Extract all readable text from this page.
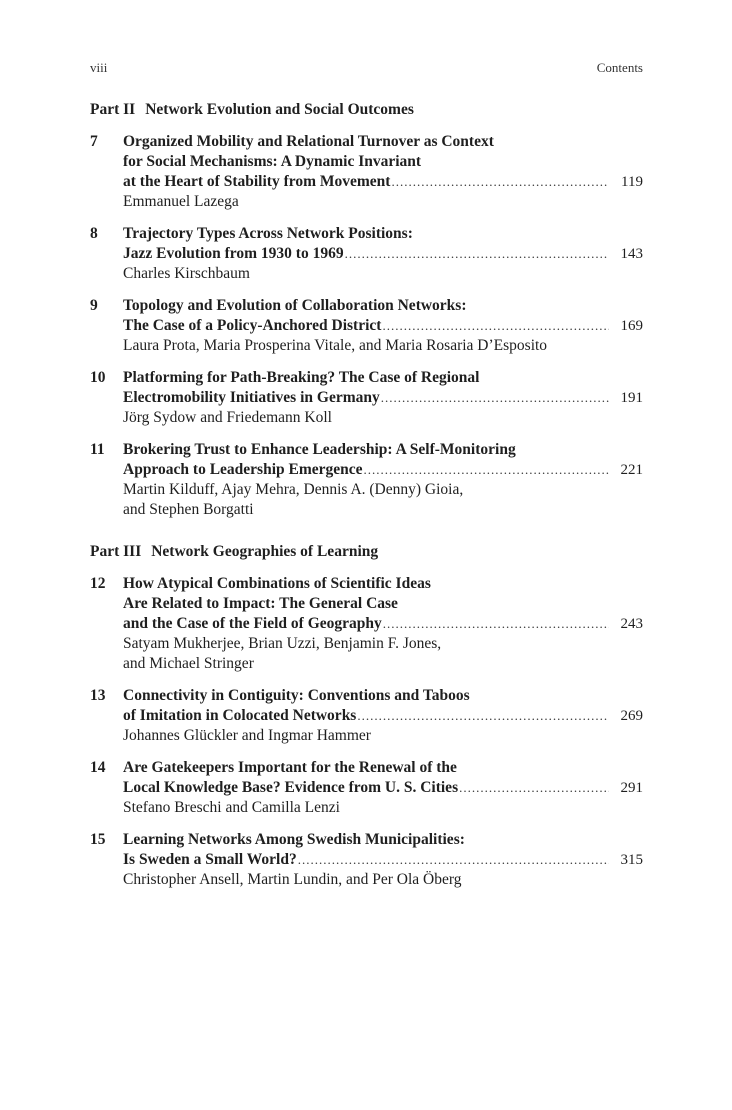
viii	Contents
Part II Network Evolution and Social Outcomes
7	Organized Mobility and Relational Turnover as Context
for Social Mechanisms: A Dynamic Invariant
at the Heart of Stability from Movement .....	119
Emmanuel Lazega
8	Trajectory Types Across Network Positions:
Jazz Evolution from 1930 to 1969 .....	143
Charles Kirschbaum
9	Topology and Evolution of Collaboration Networks:
The Case of a Policy-Anchored District .....	169
Laura Prota, Maria Prosperina Vitale, and Maria Rosaria D’Esposito
10	Platforming for Path-Breaking? The Case of Regional
Electromobility Initiatives in Germany .....	191
Jörg Sydow and Friedemann Koll
11	Brokering Trust to Enhance Leadership: A Self-Monitoring
Approach to Leadership Emergence .....	221
Martin Kilduff, Ajay Mehra, Dennis A. (Denny) Gioia,
and Stephen Borgatti
Part III Network Geographies of Learning
12	How Atypical Combinations of Scientific Ideas
Are Related to Impact: The General Case
and the Case of the Field of Geography .....	243
Satyam Mukherjee, Brian Uzzi, Benjamin F. Jones,
and Michael Stringer
13	Connectivity in Contiguity: Conventions and Taboos
of Imitation in Colocated Networks .....	269
Johannes Glückler and Ingmar Hammer
14	Are Gatekeepers Important for the Renewal of the
Local Knowledge Base? Evidence from U. S. Cities .....	291
Stefano Breschi and Camilla Lenzi
15	Learning Networks Among Swedish Municipalities:
Is Sweden a Small World? .....	315
Christopher Ansell, Martin Lundin, and Per Ola Öberg
